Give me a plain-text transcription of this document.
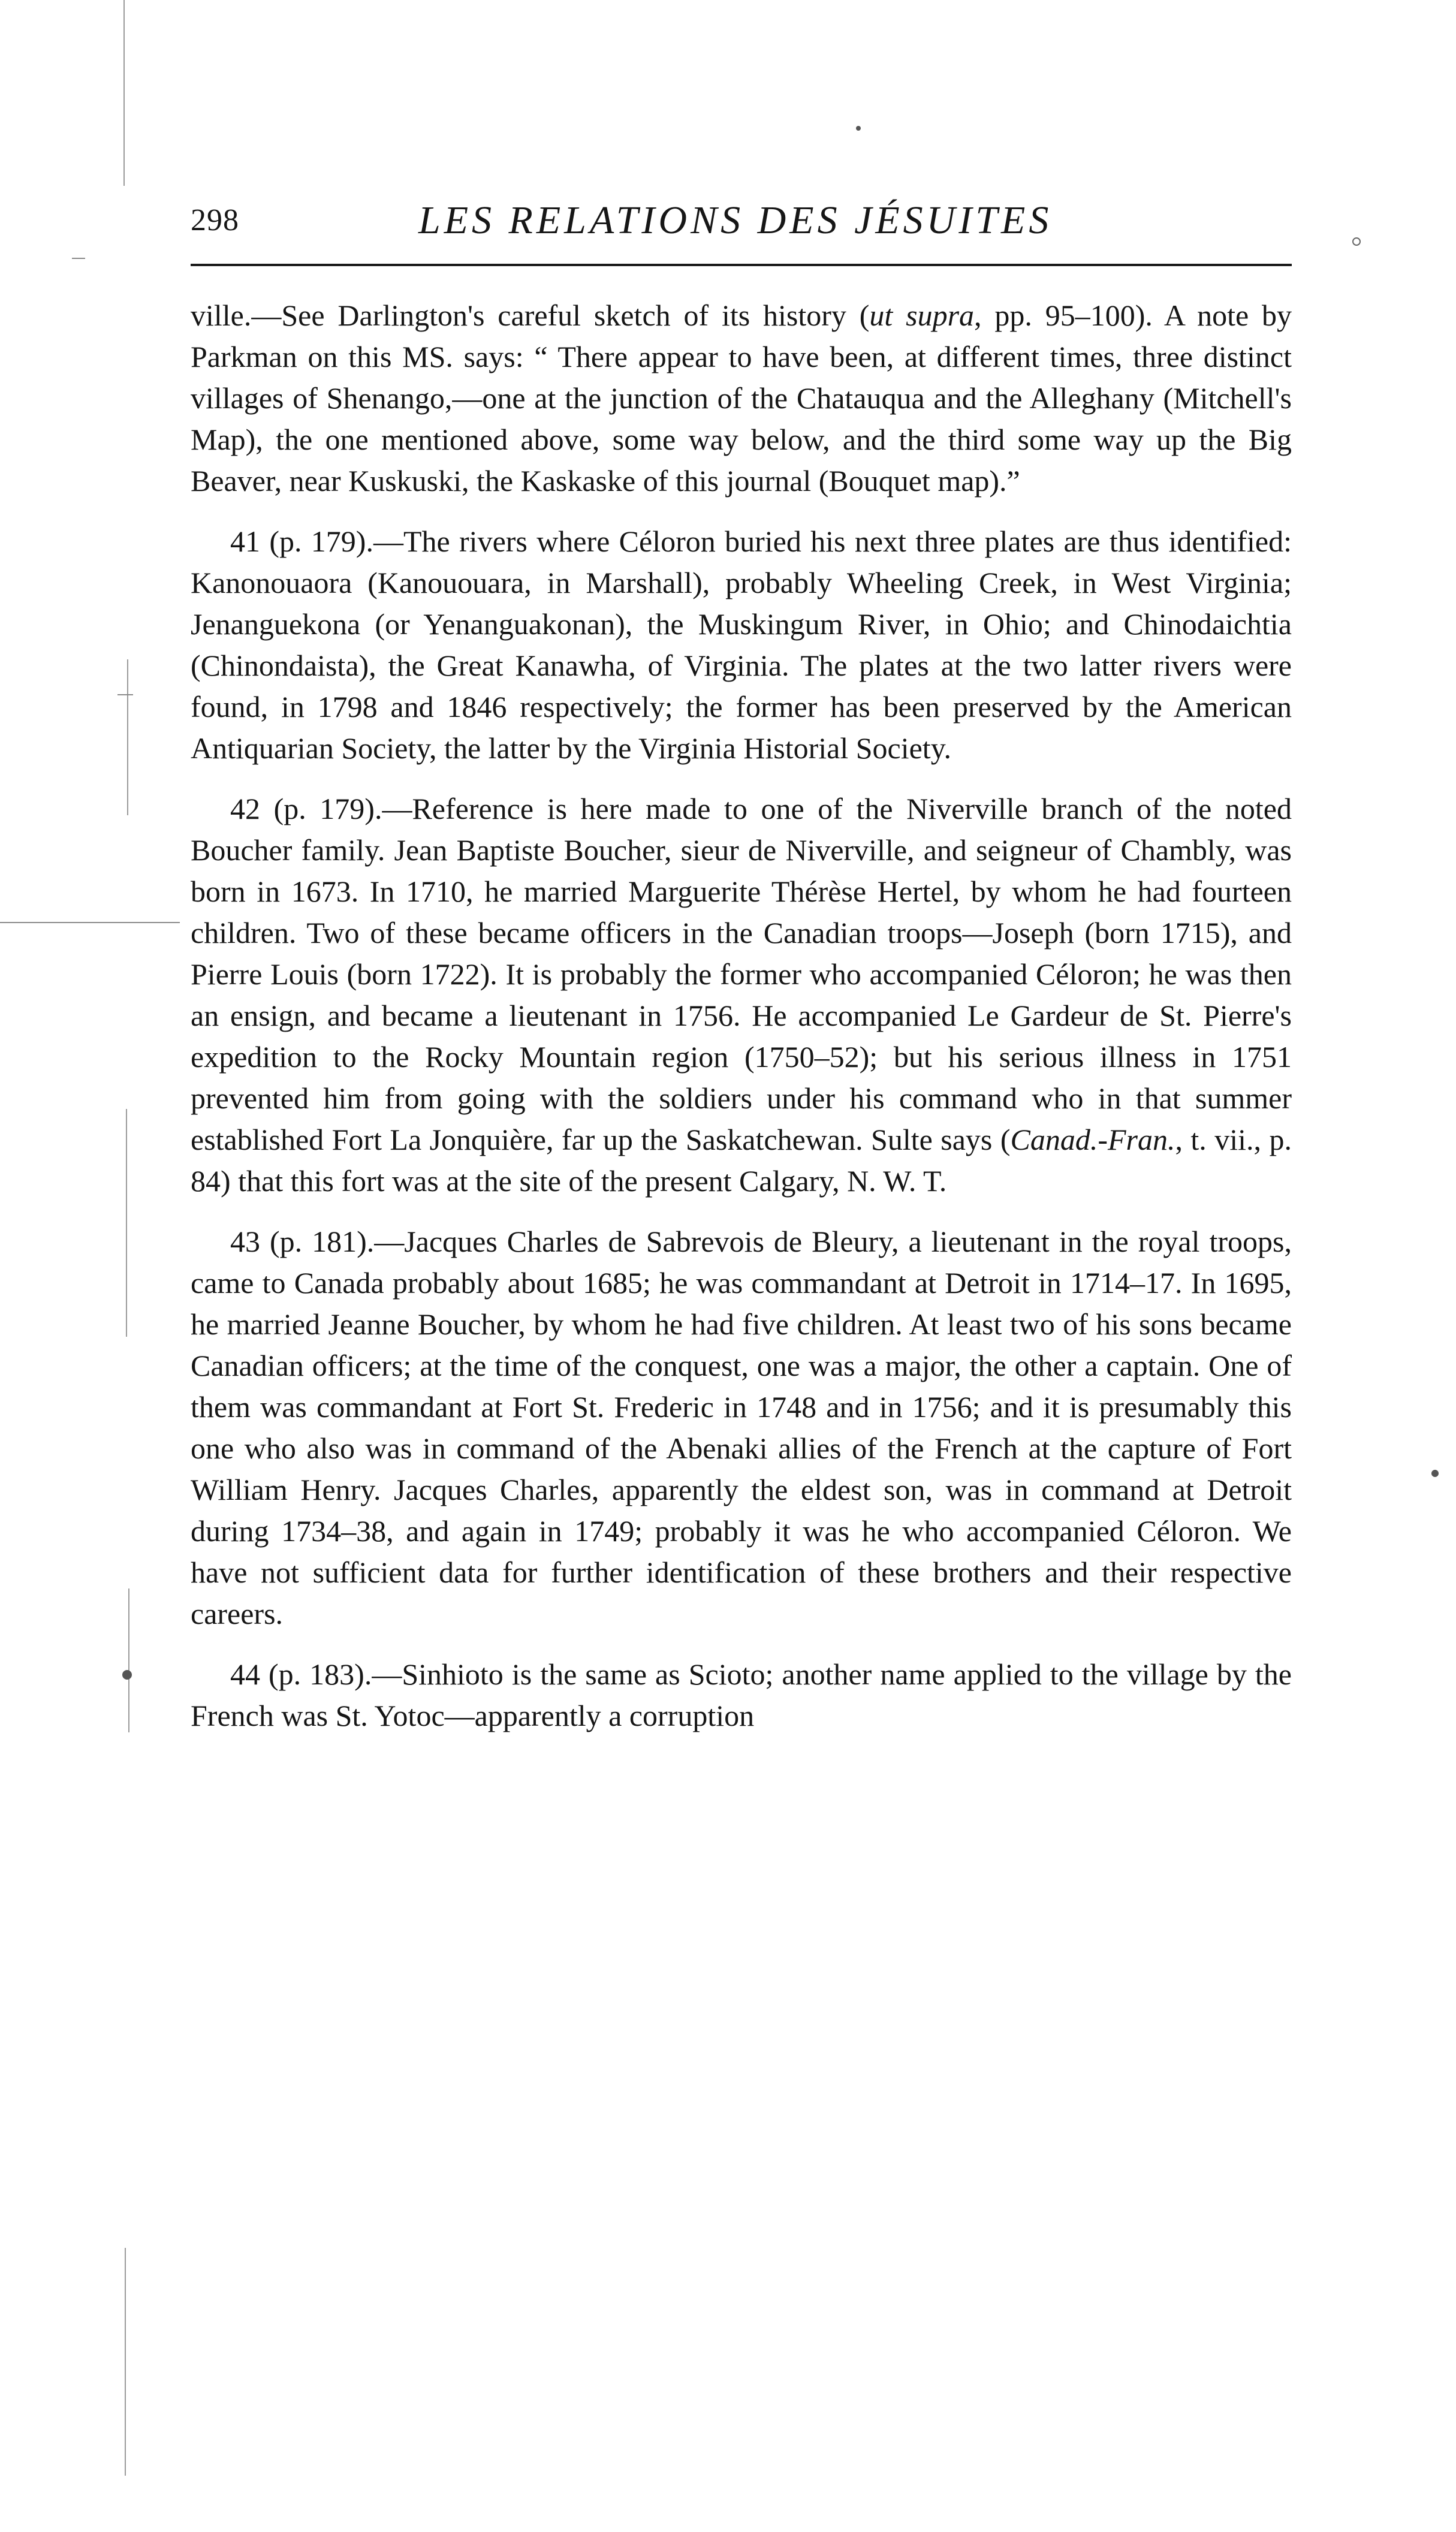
298	LES RELATIONS DES JÉSUITES

ville.—See Darlington's careful sketch of its history (ut supra, pp. 95–100). A note by Parkman on this MS. says: “ There appear to have been, at different times, three distinct villages of Shenango,—one at the junction of the Chatauqua and the Alleghany (Mitchell's Map), the one mentioned above, some way below, and the third some way up the Big Beaver, near Kuskuski, the Kaskaske of this journal (Bouquet map).”

41 (p. 179).—The rivers where Céloron buried his next three plates are thus identified: Kanonouaora (Kanououara, in Marshall), probably Wheeling Creek, in West Virginia; Jenanguekona (or Yenanguakonan), the Muskingum River, in Ohio; and Chinodaichtia (Chinondaista), the Great Kanawha, of Virginia. The plates at the two latter rivers were found, in 1798 and 1846 respectively; the former has been preserved by the American Antiquarian Society, the latter by the Virginia Historial Society.

42 (p. 179).—Reference is here made to one of the Niverville branch of the noted Boucher family. Jean Baptiste Boucher, sieur de Niverville, and seigneur of Chambly, was born in 1673. In 1710, he married Marguerite Thérèse Hertel, by whom he had fourteen children. Two of these became officers in the Canadian troops—Joseph (born 1715), and Pierre Louis (born 1722). It is probably the former who accompanied Céloron; he was then an ensign, and became a lieutenant in 1756. He accompanied Le Gardeur de St. Pierre's expedition to the Rocky Mountain region (1750–52); but his serious illness in 1751 prevented him from going with the soldiers under his command who in that summer established Fort La Jonquière, far up the Saskatchewan. Sulte says (Canad.-Fran., t. vii., p. 84) that this fort was at the site of the present Calgary, N. W. T.

43 (p. 181).—Jacques Charles de Sabrevois de Bleury, a lieutenant in the royal troops, came to Canada probably about 1685; he was commandant at Detroit in 1714–17. In 1695, he married Jeanne Boucher, by whom he had five children. At least two of his sons became Canadian officers; at the time of the conquest, one was a major, the other a captain. One of them was commandant at Fort St. Frederic in 1748 and in 1756; and it is presumably this one who also was in command of the Abenaki allies of the French at the capture of Fort William Henry. Jacques Charles, apparently the eldest son, was in command at Detroit during 1734–38, and again in 1749; probably it was he who accompanied Céloron. We have not sufficient data for further identification of these brothers and their respective careers.

44 (p. 183).—Sinhioto is the same as Scioto; another name applied to the village by the French was St. Yotoc—apparently a corruption
